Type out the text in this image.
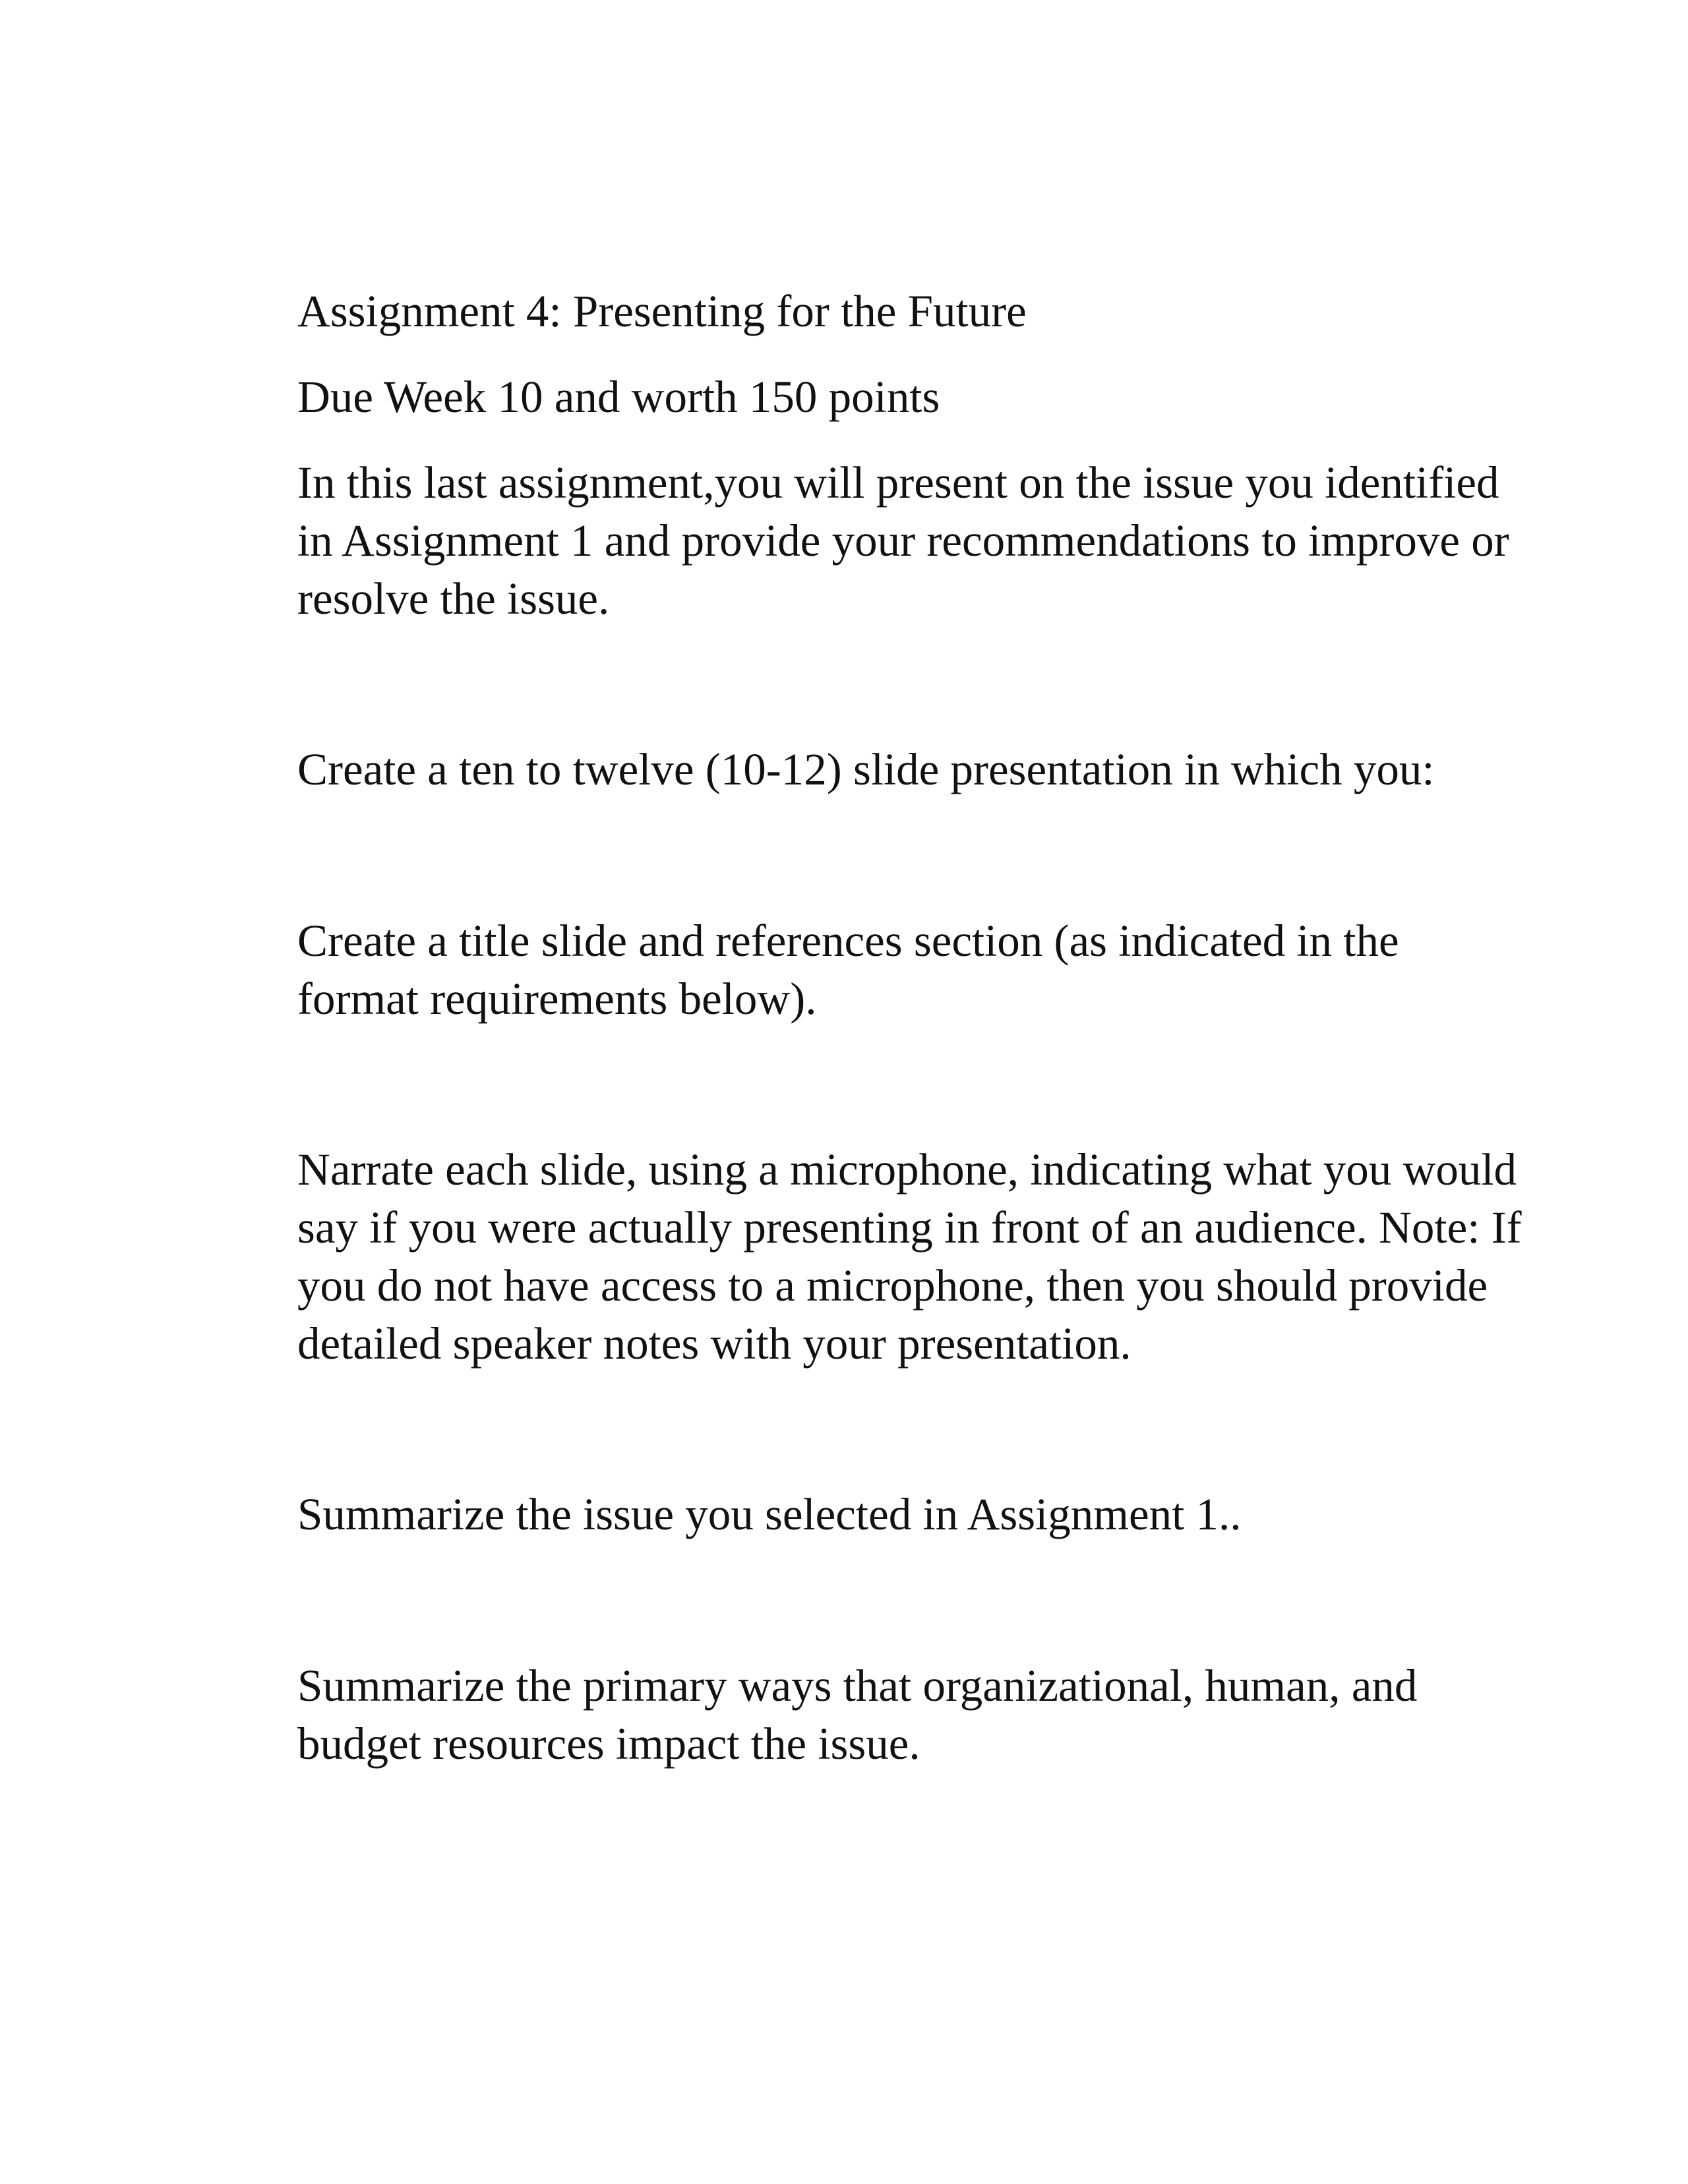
Assignment 4: Presenting for the Future

Due Week 10 and worth 150 points

In this last assignment,you will present on the issue you identified
in Assignment 1 and provide your recommendations to improve or
resolve the issue.

Create a ten to twelve (10-12) slide presentation in which you:

Create a title slide and references section (as indicated in the
format requirements below).

Narrate each slide, using a microphone, indicating what you would
say if you were actually presenting in front of an audience. Note: If
you do not have access to a microphone, then you should provide
detailed speaker notes with your presentation.

Summarize the issue you selected in Assignment 1..

Summarize the primary ways that organizational, human, and
budget resources impact the issue.
